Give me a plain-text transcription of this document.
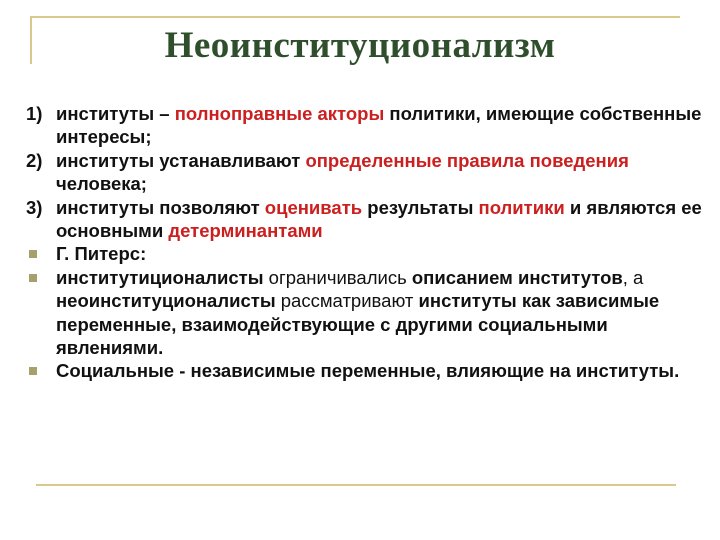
Неоинституционализм
1) институты – полноправные акторы политики, имеющие собственные интересы;
2) институты устанавливают определенные правила поведения человека;
3) институты позволяют оценивать результаты политики и являются ее основными детерминантами
Г. Питерс:
институтиционалисты ограничивались описанием институтов, а неоинституционалисты рассматривают институты как зависимые переменные, взаимодействующие с другими социальными явлениями.
Социальные - независимые переменные, влияющие на институты.
